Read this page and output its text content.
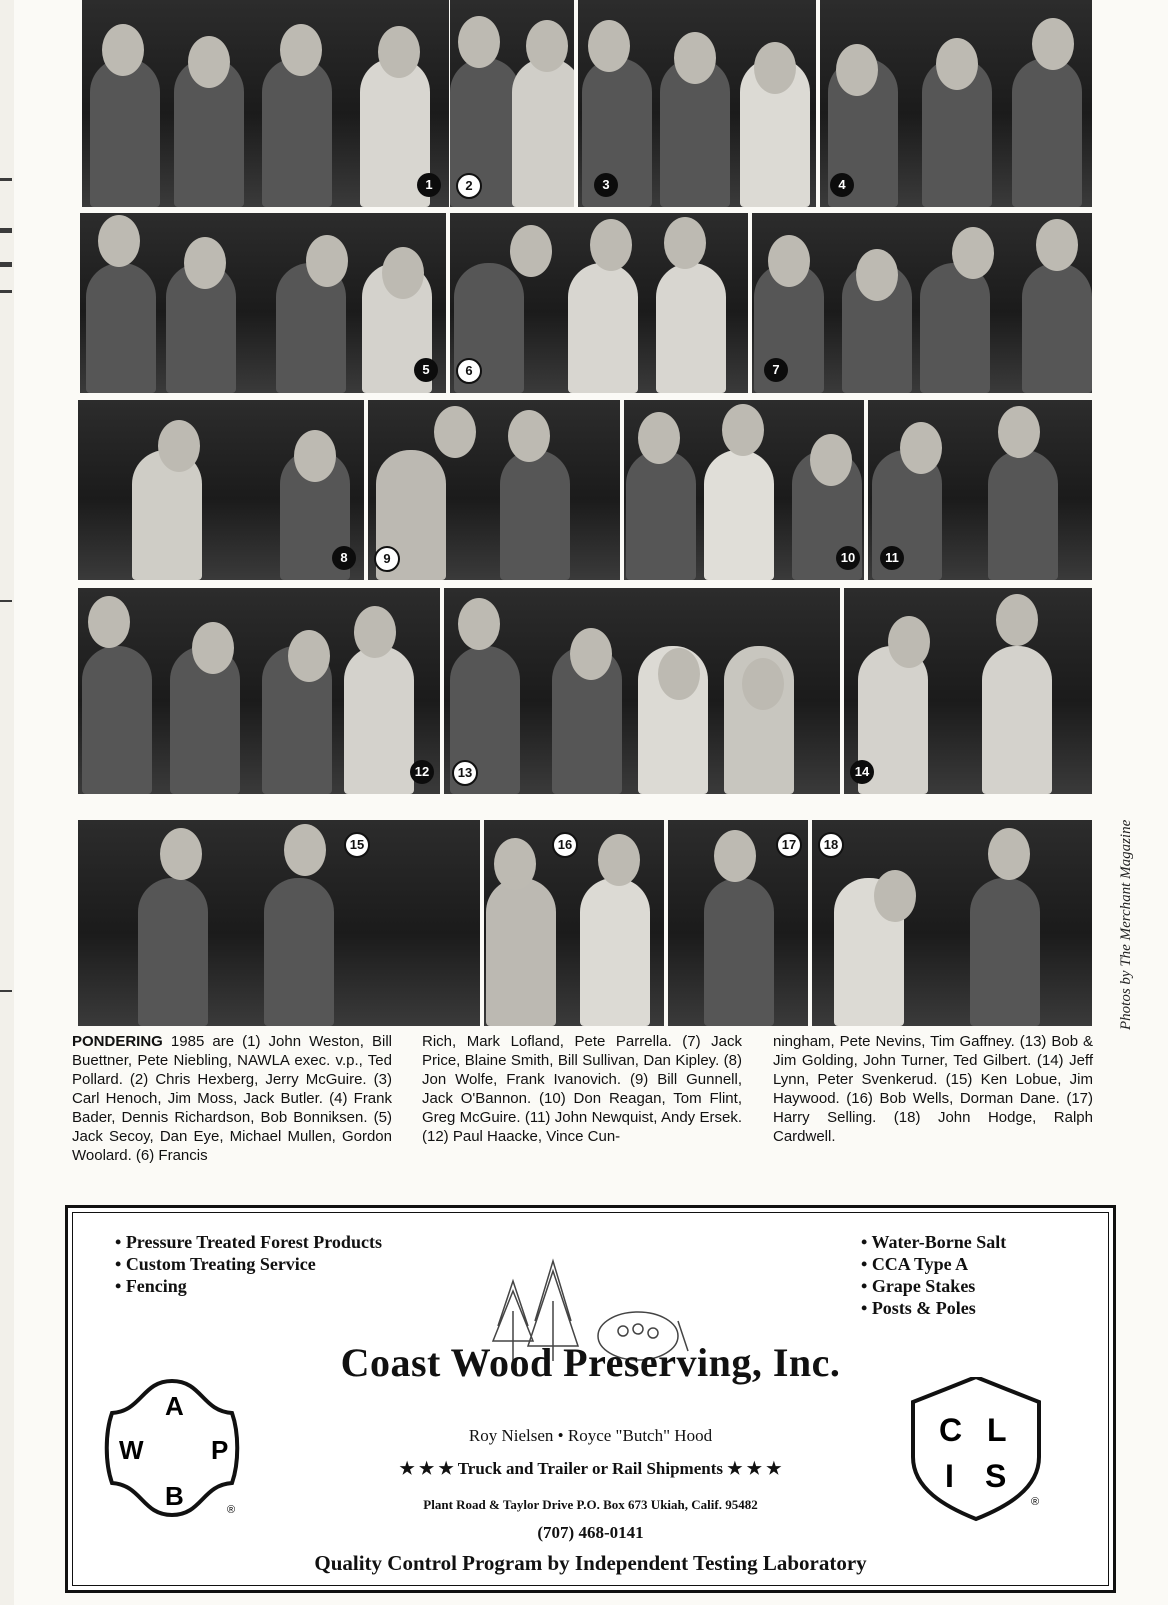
1	2	3	4
5	6	7
8	9	10	11
12	13	14
15	16	17	18	Photos by The Merchant Magazine
PONDERING 1985 are (1) John Weston, Bill Buettner, Pete Niebling, NAWLA exec. v.p., Ted Pollard. (2) Chris Hexberg, Jerry McGuire. (3) Carl Henoch, Jim Moss, Jack Butler. (4) Frank Bader, Dennis Richardson, Bob Bonniksen. (5) Jack Secoy, Dan Eye, Michael Mullen, Gordon Woolard. (6) Francis
Rich, Mark Lofland, Pete Parrella. (7) Jack Price, Blaine Smith, Bill Sullivan, Dan Kipley. (8) Jon Wolfe, Frank Ivanovich. (9) Bill Gunnell, Jack O'Bannon. (10) Don Reagan, Tom Flint, Greg McGuire. (11) John Newquist, Andy Ersek. (12) Paul Haacke, Vince Cun-
ningham, Pete Nevins, Tim Gaffney. (13) Bob & Jim Golding, John Turner, Ted Gilbert. (14) Jeff Lynn, Peter Svenkerud. (15) Ken Lobue, Jim Haywood. (16) Bob Wells, Dorman Dane. (17) Harry Selling. (18) John Hodge, Ralph Cardwell.
• Pressure Treated Forest Products
• Custom Treating Service
• Fencing
• Water-Borne Salt
• CCA Type A
• Grape Stakes
• Posts & Poles
Coast Wood Preserving, Inc.
A
W	P
B	®
C L
I S
®
Roy Nielsen • Royce "Butch" Hood
★ ★ ★ Truck and Trailer or Rail Shipments ★ ★ ★
Plant Road & Taylor Drive P.O. Box 673 Ukiah, Calif. 95482
(707) 468-0141
Quality Control Program by Independent Testing Laboratory
